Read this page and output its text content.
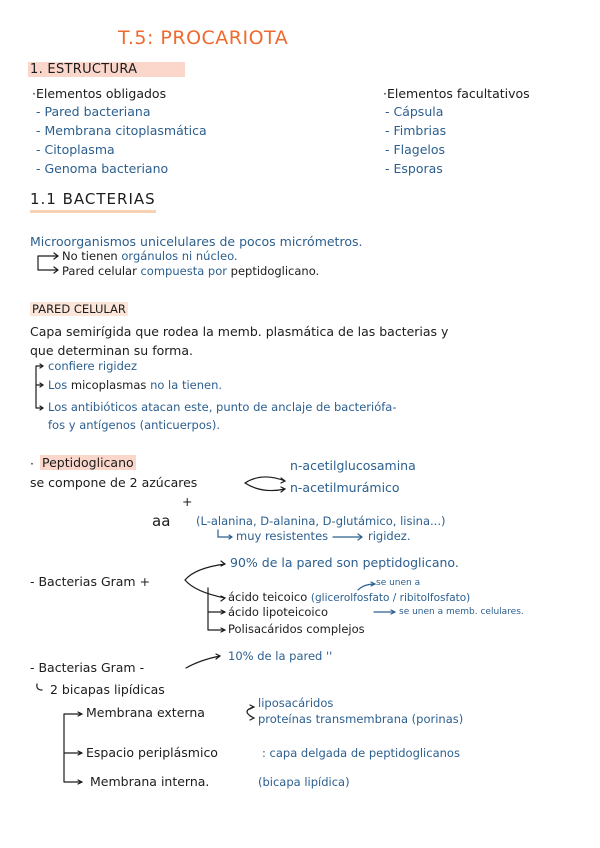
T.5: PROCARIOTA
1. ESTRUCTURA
·Elementos obligados
- Pared bacteriana
- Membrana citoplasmática
- Citoplasma
- Genoma bacteriano
·Elementos facultativos
- Cápsula
- Fimbrias
- Flagelos
- Esporas
1.1 BACTERIAS
Microorganismos unicelulares de pocos micrómetros.
No tienen orgánulos ni núcleo.
Pared celular compuesta por peptidoglicano.
PARED CELULAR
Capa semirígida que rodea la memb. plasmática de las bacterias y
que determinan su forma.
confiere rigidez
Los micoplasmas no la tienen.
Los antibióticos atacan este, punto de anclaje de bacteriófa-
fos y antígenos (anticuerpos).
· Peptidoglicano
se compone de 2 azúcares
n-acetilglucosamina
n-acetilmurámico
+
aa (L-alanina, D-alanina, D-glutámico, lisina...)
muy resistentes	rigidez.
- Bacterias Gram +
90% de la pared son peptidoglicano.
se unen a
ácido teicoico (glicerolfosfato / ribitolfosfato)
ácido lipoteicoico	se unen a memb. celulares.
Polisacáridos complejos
- Bacterias Gram -
10% de la pared ''
2 bicapas lipídicas
Membrana externa
liposacáridos
proteínas transmembrana (porinas)
Espacio periplásmico	: capa delgada de peptidoglicanos
Membrana interna.	(bicapa lipídica)
